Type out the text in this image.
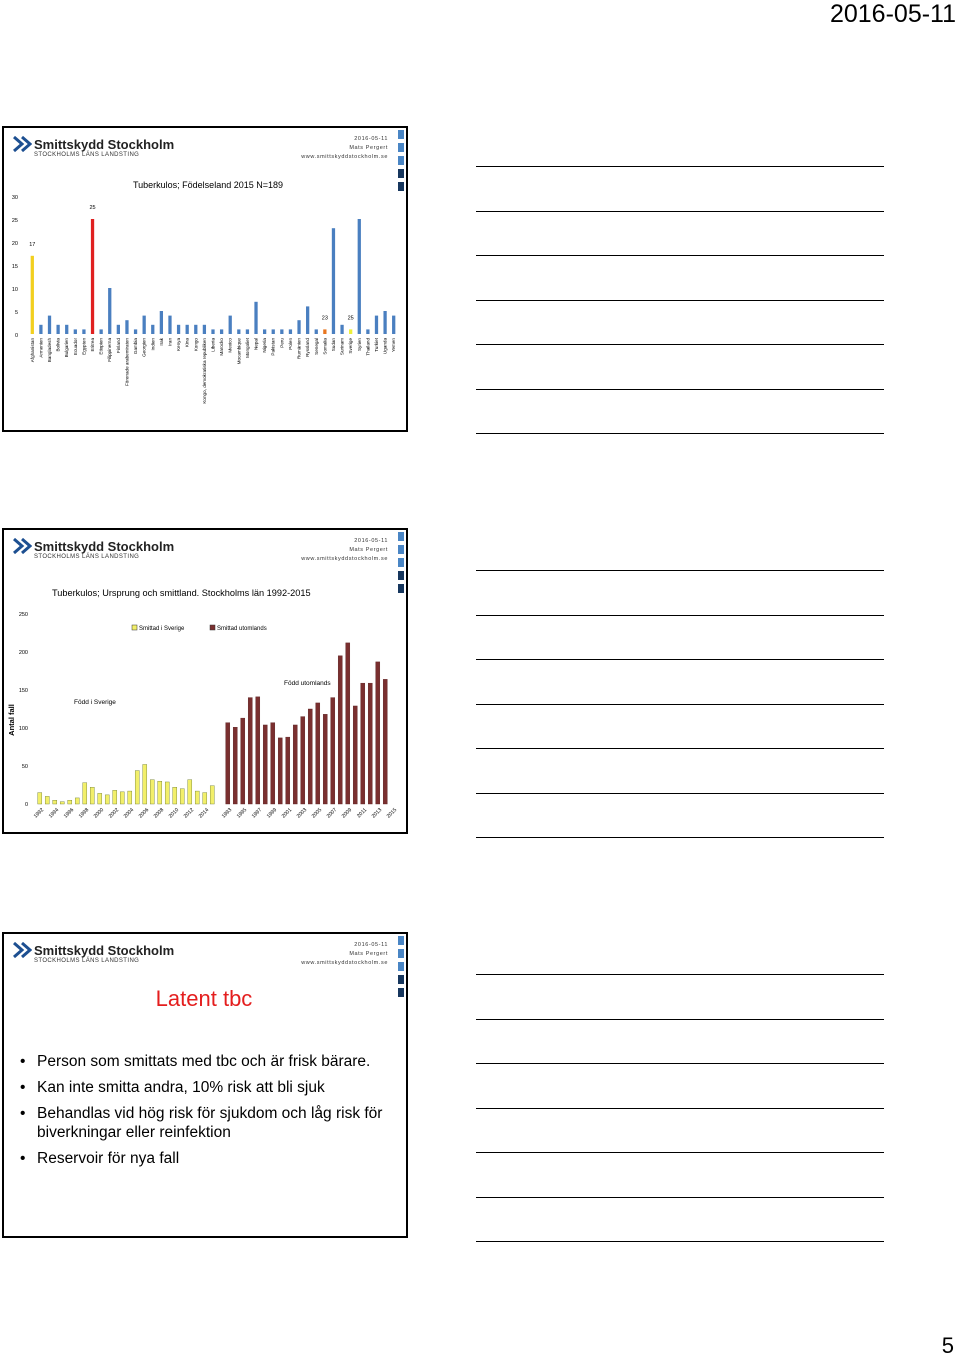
2016-05-11
Smittskydd Stockholm
STOCKHOLMS LÄNS LANDSTING
2016-05-11
Mats Pergert
www.smittskyddstockholm.se
Tuberkulos; Födelseland 2015 N=189
0
5
10
15
20
25
30
Afghanistan Armenien Bangladesh Bolivia Bulgarien Ecuador Egypten Eritrea Etiopien Filippinerna Finland Förenade arabemiraten Gambia Georgien Indien Irak Iran Kenya Kina Kongo Kongo, demokratiska republiken Liberia Marocko Mexico Mocambique Mongoliet Nepal Nigeria Pakistan Peru Polen Rumänien Ryssland Senegal Somalia Sudan Surinam Sverige Syrien Thailand Turkiet Uganda Yemen
17
25
23	25
Smittskydd Stockholm
STOCKHOLMS LÄNS LANDSTING
2016-05-11
Mats Pergert
www.smittskyddstockholm.se
Tuberkulos; Ursprung och smittland. Stockholms län 1992-2015
Antal fall
0
50
100
150
200
250
Smittad i Sverige	Smittad utomlands
Född i Sverige
Född utomlands
1992 1994 1996 1998 2000 2002 2004 2006 2008 2010 2012 2014 1993 1995 1997 1999 2001 2003 2005 2007 2009 2011 2013 2015
Smittskydd Stockholm
STOCKHOLMS LÄNS LANDSTING
2016-05-11
Mats Pergert
www.smittskyddstockholm.se
Latent tbc
• Person som smittats med tbc och är frisk bärare.
• Kan inte smitta andra, 10% risk att bli sjuk
• Behandlas vid hög risk för sjukdom och låg risk för biverkningar eller reinfektion
• Reservoir för nya fall
5
